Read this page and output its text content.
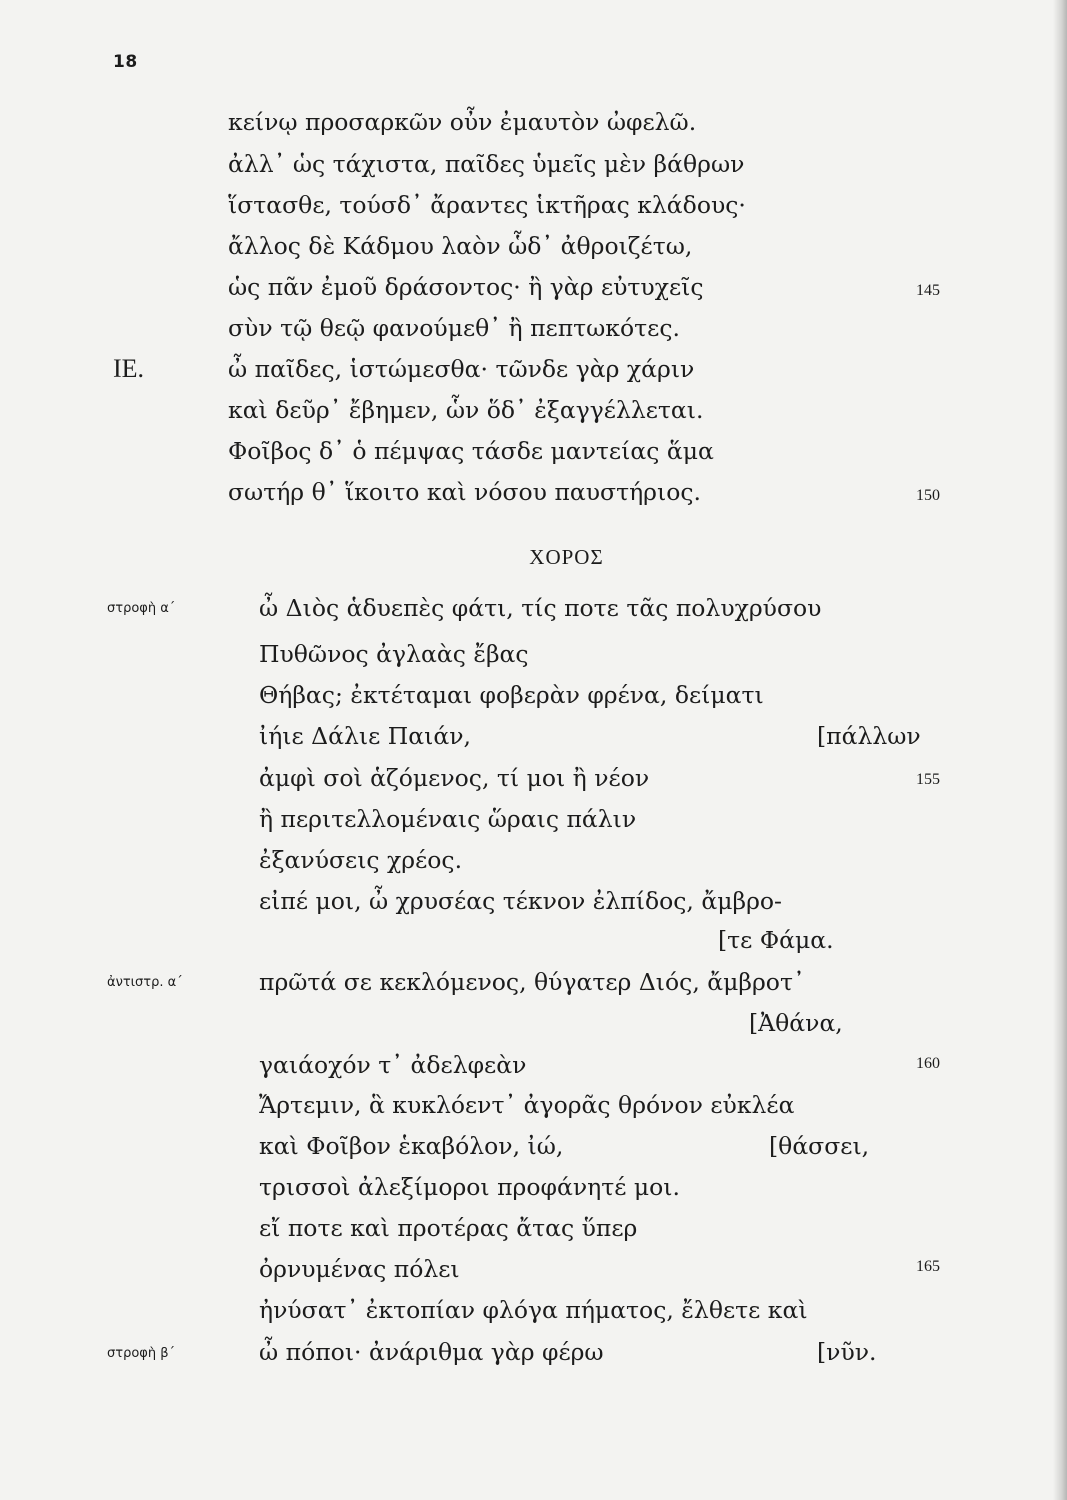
18
κείνῳ προσαρκῶν οὖν ἐμαυτὸν ὠφελῶ.
ἀλλ᾽ ὡς τάχιστα, παῖδες ὑμεῖς μὲν βάθρων
ἵστασθε, τούσδ᾽ ἄραντες ἱκτῆρας κλάδους·
ἄλλος δὲ Κάδμου λαὸν ὧδ᾽ ἀθροιζέτω,
ὡς πᾶν ἐμοῦ δράσοντος· ἢ γὰρ εὐτυχεῖς	145
σὺν τῷ θεῷ φανούμεθ᾽ ἢ πεπτωκότες.
ΙΕ.	ὦ παῖδες, ἱστώμεσθα· τῶνδε γὰρ χάριν
καὶ δεῦρ᾽ ἔβημεν, ὧν ὅδ᾽ ἐξαγγέλλεται.
Φοῖβος δ᾽ ὁ πέμψας τάσδε μαντείας ἅμα
σωτήρ θ᾽ ἵκοιτο καὶ νόσου παυστήριος.	150
ΧΟΡΟΣ
στροφὴ α΄	ὦ Διὸς ἁδυεπὲς φάτι, τίς ποτε τᾶς πολυχρύσου
Πυθῶνος ἀγλαὰς ἔβας
Θήβας; ἐκτέταμαι φοβερὰν φρένα, δείματι
ἰήιε Δάλιε Παιάν,	[πάλλων
ἀμφὶ σοὶ ἁζόμενος, τί μοι ἢ νέον	155
ἢ περιτελλομέναις ὥραις πάλιν
ἐξανύσεις χρέος.
εἰπέ μοι, ὦ χρυσέας τέκνον ἐλπίδος, ἄμβρο-
[τε Φάμα.
ἀντιστρ. α΄	πρῶτά σε κεκλόμενος, θύγατερ Διός, ἄμβροτ᾽
[Ἀθάνα,
γαιάοχόν τ᾽ ἀδελφεὰν	160
Ἄρτεμιν, ἃ κυκλόεντ᾽ ἀγορᾶς θρόνον εὐκλέα
καὶ Φοῖβον ἑκαβόλον, ἰώ,	[θάσσει,
τρισσοὶ ἀλεξίμοροι προφάνητέ μοι.
εἴ ποτε καὶ προτέρας ἄτας ὕπερ
ὀρνυμένας πόλει	165
ἠνύσατ᾽ ἐκτοπίαν φλόγα πήματος, ἔλθετε καὶ
στροφὴ β΄	ὦ πόποι· ἀνάριθμα γὰρ φέρω	[νῦν.
